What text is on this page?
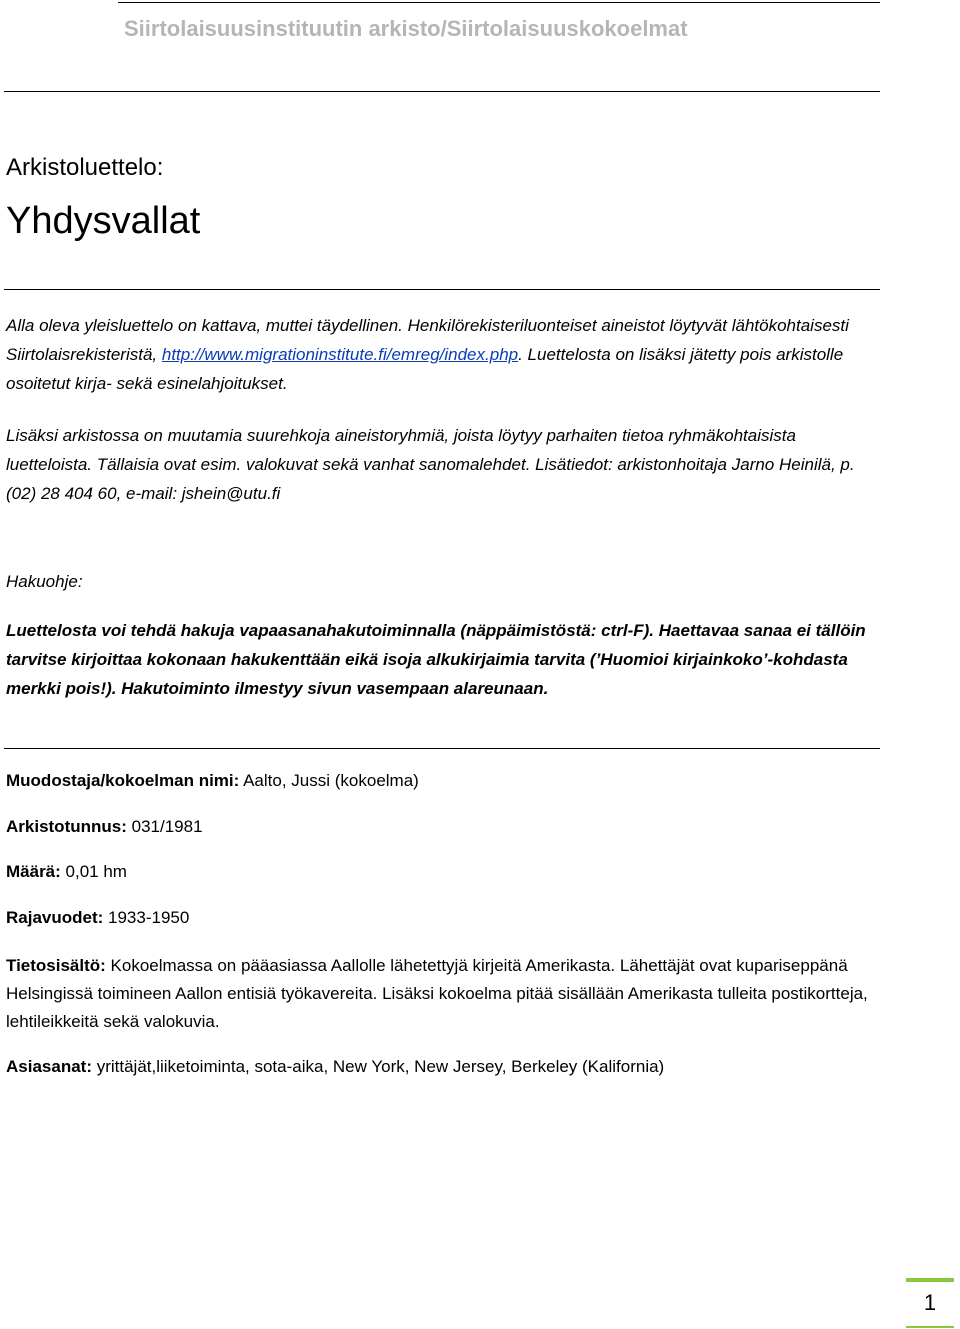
Siirtolaisuusinstituutin arkisto/Siirtolaisuuskokoelmat
Arkistoluettelo:
Yhdysvallat

Alla oleva yleisluettelo on kattava, muttei täydellinen. Henkilörekisteriluonteiset aineistot löytyvät lähtökohtaisesti Siirtolaisrekisteristä, http://www.migrationinstitute.fi/emreg/index.php. Luettelosta on lisäksi jätetty pois arkistolle osoitetut kirja- sekä esinelahjoitukset.

Lisäksi arkistossa on muutamia suurehkoja aineistoryhmiä, joista löytyy parhaiten tietoa ryhmäkohtaisista luetteloista. Tällaisia ovat esim. valokuvat sekä vanhat sanomalehdet. Lisätiedot: arkistonhoitaja Jarno Heinilä, p. (02) 28 404 60, e-mail: jshein@utu.fi

Hakuohje:

Luettelosta voi tehdä hakuja vapaasanahakutoiminnalla (näppäimistöstä: ctrl-F). Haettavaa sanaa ei tällöin tarvitse kirjoittaa kokonaan hakukenttään eikä isoja alkukirjaimia tarvita (’Huomioi kirjainkoko’-kohdasta merkki pois!). Hakutoiminto ilmestyy sivun vasempaan alareunaan.

Muodostaja/kokoelman nimi: Aalto, Jussi (kokoelma)

Arkistotunnus: 031/1981

Määrä: 0,01 hm

Rajavuodet: 1933-1950

Tietosisältö: Kokoelmassa on pääasiassa Aallolle lähetettyjä kirjeitä Amerikasta. Lähettäjät ovat kupariseppänä Helsingissä toimineen Aallon entisiä työkavereita. Lisäksi kokoelma pitää sisällään Amerikasta tulleita postikortteja, lehtileikkeitä sekä valokuvia.

Asiasanat: yrittäjät,liiketoiminta, sota-aika, New York, New Jersey, Berkeley (Kalifornia)

1
